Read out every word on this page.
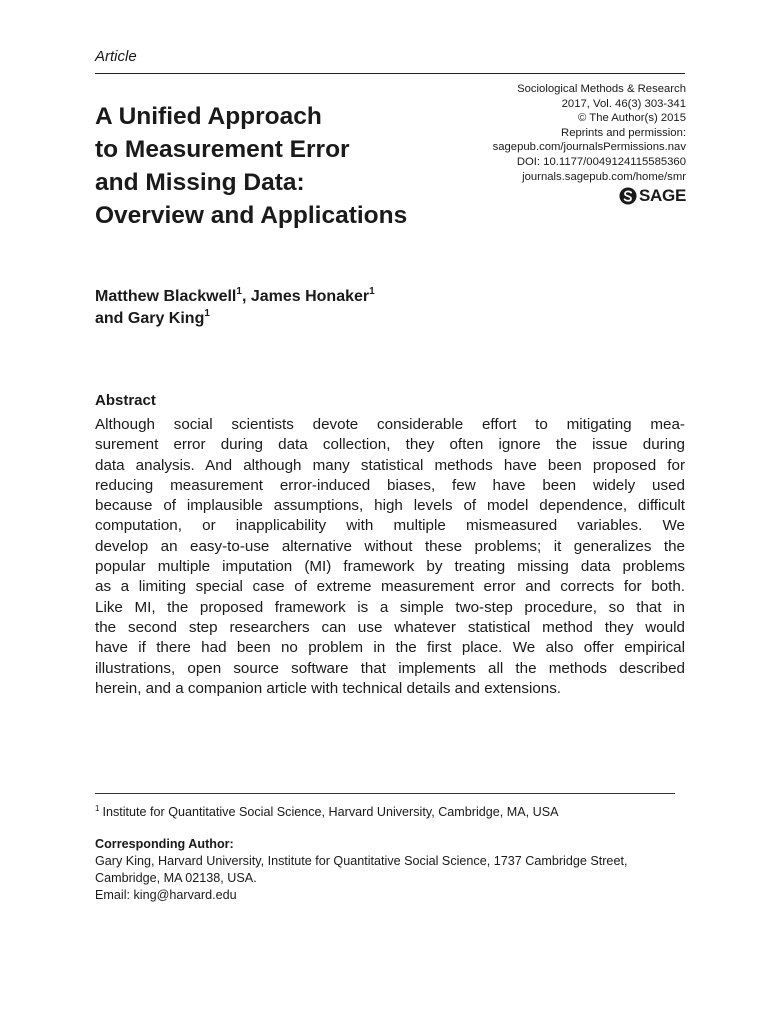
Article
A Unified Approach
to Measurement Error
and Missing Data:
Overview and Applications
Sociological Methods & Research
2017, Vol. 46(3) 303-341
© The Author(s) 2015
Reprints and permission:
sagepub.com/journalsPermissions.nav
DOI: 10.1177/0049124115585360
journals.sagepub.com/home/smr
SAGE
Matthew Blackwell$^1$, James Honaker$^1$
and Gary King$^1$
Abstract
Although social scientists devote considerable effort to mitigating mea-
surement error during data collection, they often ignore the issue during
data analysis. And although many statistical methods have been proposed for
reducing measurement error-induced biases, few have been widely used
because of implausible assumptions, high levels of model dependence, difficult
computation, or inapplicability with multiple mismeasured variables. We
develop an easy-to-use alternative without these problems; it generalizes the
popular multiple imputation (MI) framework by treating missing data problems
as a limiting special case of extreme measurement error and corrects for both.
Like MI, the proposed framework is a simple two-step procedure, so that in
the second step researchers can use whatever statistical method they would
have if there had been no problem in the first place. We also offer empirical
illustrations, open source software that implements all the methods described
herein, and a companion article with technical details and extensions.
$^1$ Institute for Quantitative Social Science, Harvard University, Cambridge, MA, USA
Corresponding Author:
Gary King, Harvard University, Institute for Quantitative Social Science, 1737 Cambridge Street,
Cambridge, MA 02138, USA.
Email: king@harvard.edu
